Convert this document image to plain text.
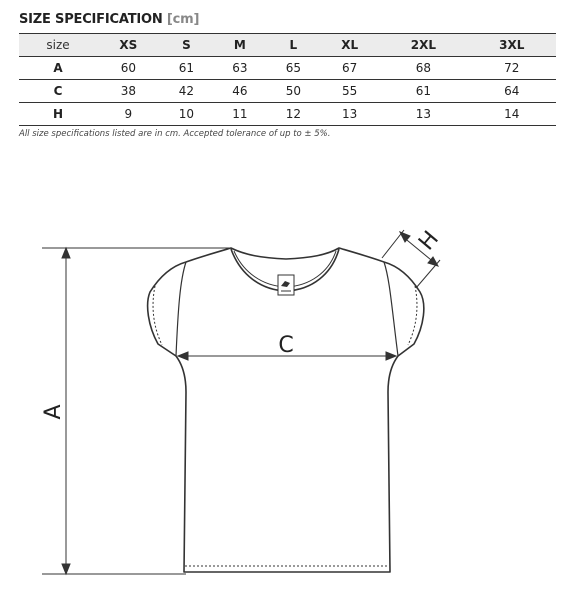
SIZE SPECIFICATION [cm]
size	XS	S	M	L	XL	2XL	3XL
A	60	61	63	65	67	68	72
C	38	42	46	50	55	61	64
H	9	10	11	12	13	13	14
All size specifications listed are in cm. Accepted tolerance of up to ± 5%.
A
C
H
